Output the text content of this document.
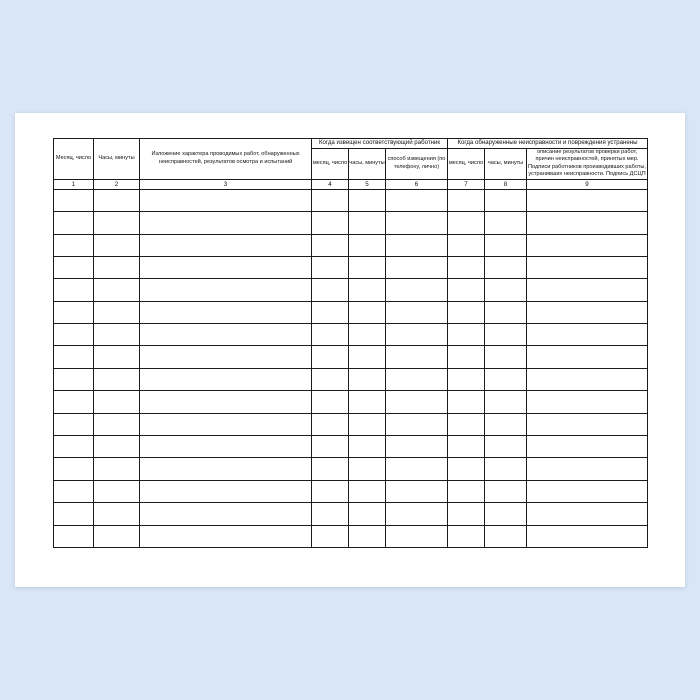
Месяц, число	Часы, минуты	Изложение характера проводимых работ, обнаруженных неисправностей, результатов осмотра и испытаний	Когда извещен соответствующий работник			Когда обнаруженные неисправности и повреждения устранены		
			месяц, число	часы, минуты	способ извещения (по телефону, лично)	месяц, число	часы, минуты	описание результатов проверки работ, причин неисправностей, принятых мер. Подписи работников производивших работы, устранивших неисправности. Подпись ДСЦП
1	2	3	4	5	6	7	8	9
